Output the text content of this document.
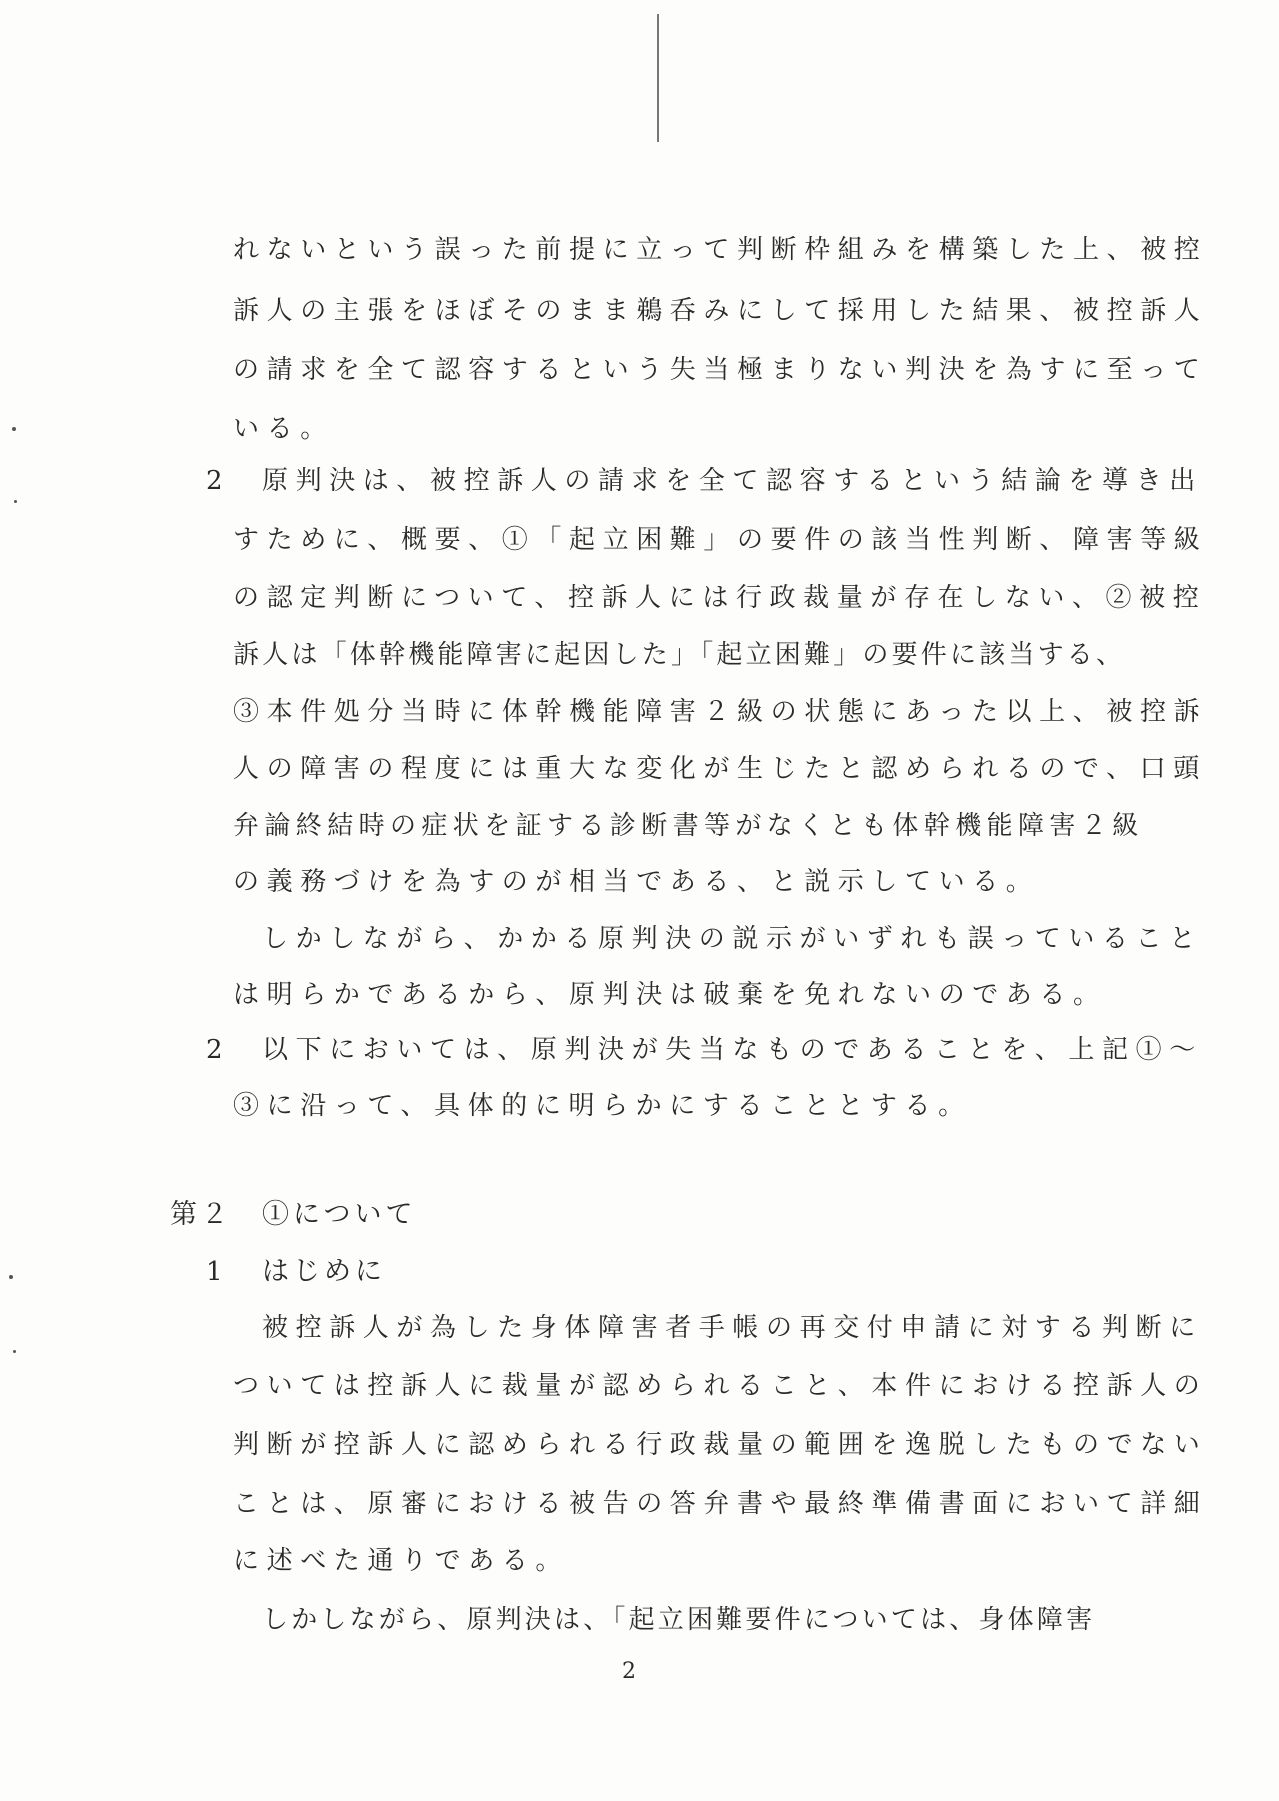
れないという誤った前提に立って判断枠組みを構築した上、被控
訴人の主張をほぼそのまま鵜呑みにして採用した結果、被控訴人
の請求を全て認容するという失当極まりない判決を為すに至って
いる。
2 原判決は、被控訴人の請求を全て認容するという結論を導き出
すために、概要、①「起立困難」の要件の該当性判断、障害等級
の認定判断について、控訴人には行政裁量が存在しない、②被控
訴人は「体幹機能障害に起因した」「起立困難」の要件に該当する、
③本件処分当時に体幹機能障害２級の状態にあった以上、被控訴
人の障害の程度には重大な変化が生じたと認められるので、口頭
弁論終結時の症状を証する診断書等がなくとも体幹機能障害２級
の義務づけを為すのが相当である、と説示している。
しかしながら、かかる原判決の説示がいずれも誤っていること
は明らかであるから、原判決は破棄を免れないのである。
2 以下においては、原判決が失当なものであることを、上記①～
③に沿って、具体的に明らかにすることとする。
第２ ①について
1 はじめに
被控訴人が為した身体障害者手帳の再交付申請に対する判断に
ついては控訴人に裁量が認められること、本件における控訴人の
判断が控訴人に認められる行政裁量の範囲を逸脱したものでない
ことは、原審における被告の答弁書や最終準備書面において詳細
に述べた通りである。
しかしながら、原判決は、「起立困難要件については、身体障害
2
